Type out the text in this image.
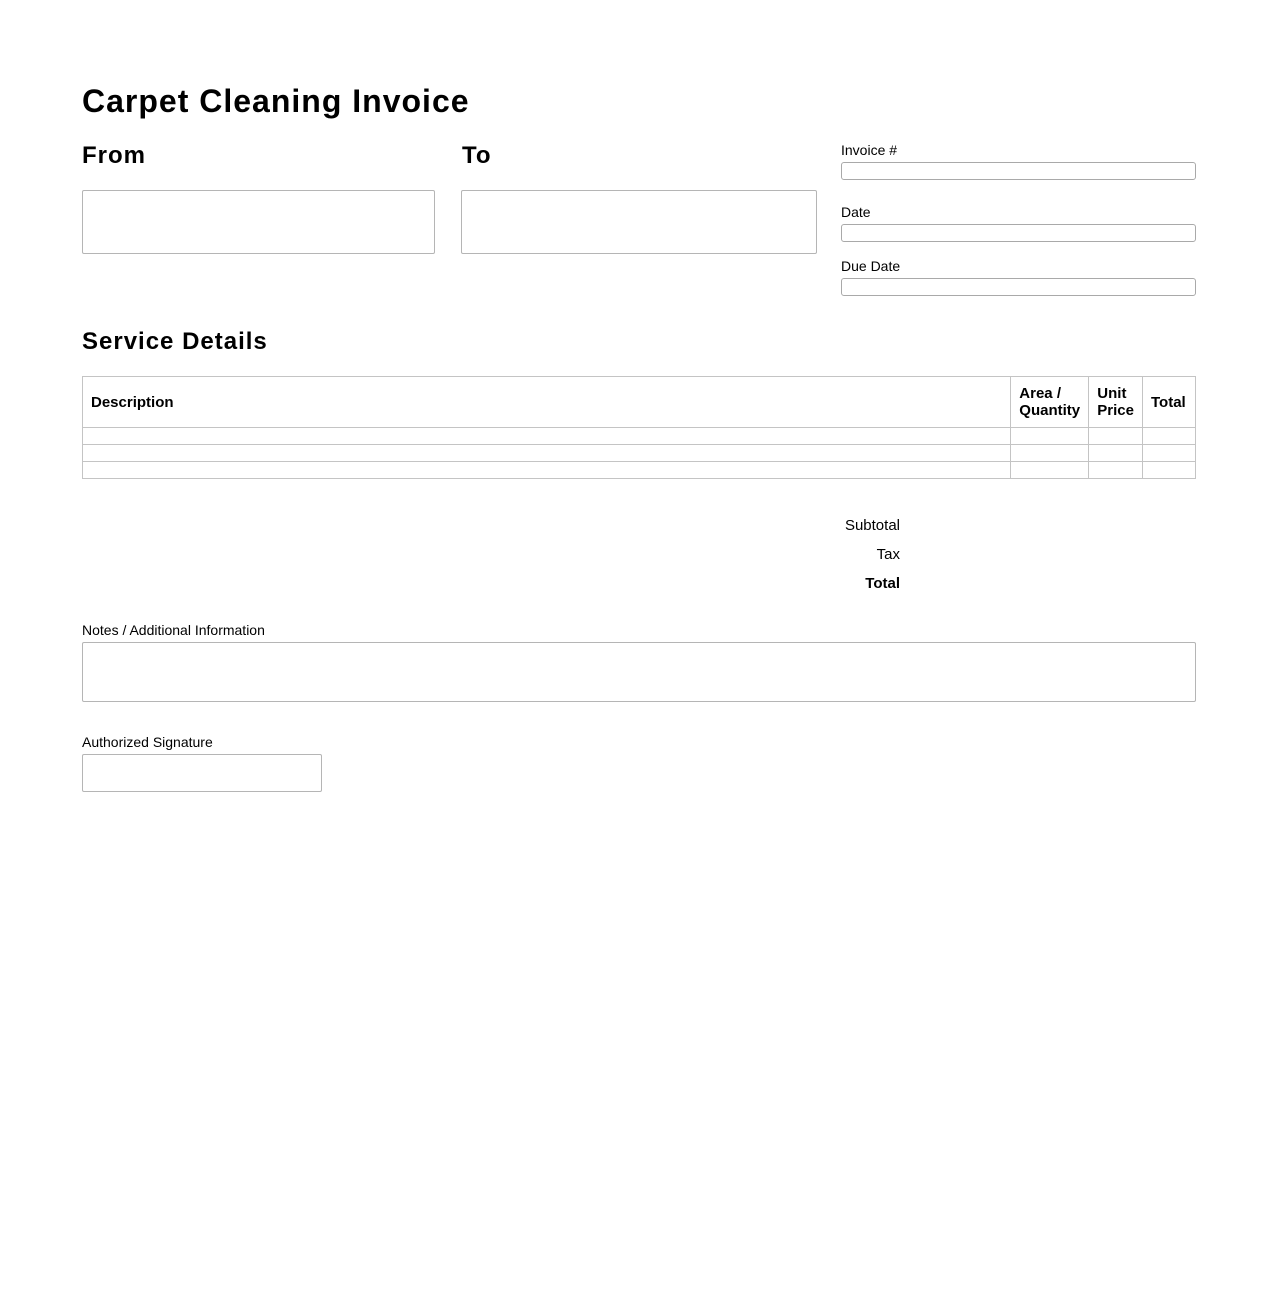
Carpet Cleaning Invoice
From	To	Invoice #
Date
Due Date
Service Details
Description	Area / Quantity	Unit Price	Total

Subtotal
Tax
Total
Notes / Additional Information
Authorized Signature
